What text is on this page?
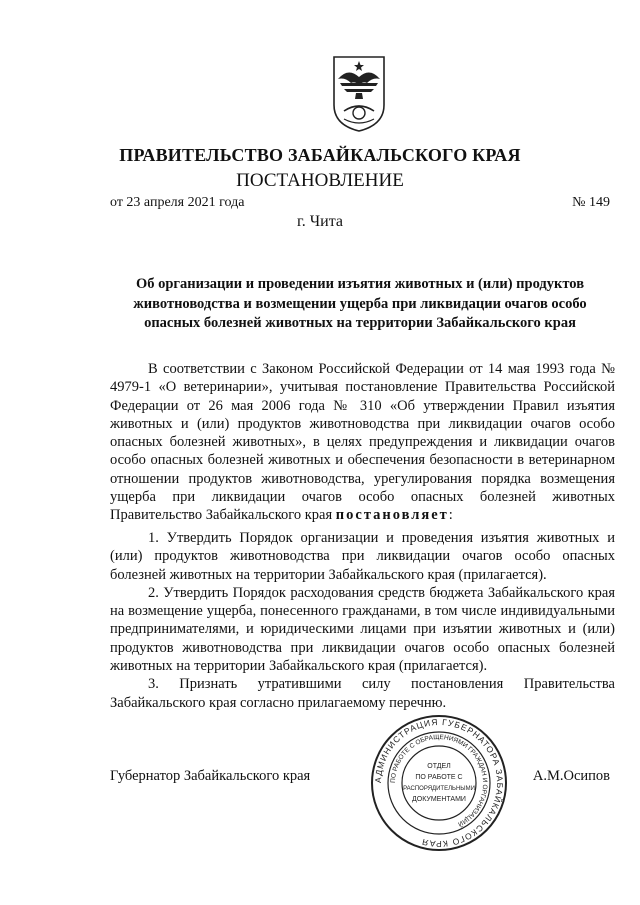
ПРАВИТЕЛЬСТВО ЗАБАЙКАЛЬСКОГО КРАЯ
ПОСТАНОВЛЕНИЕ
от 23 апреля 2021 года	№ 149
г. Чита
Об организации и проведении изъятия животных и (или) продуктов животноводства и возмещении ущерба при ликвидации очагов особо опасных болезней животных на территории Забайкальского края

В соответствии с Законом Российской Федерации от 14 мая 1993 года № 4979-1 «О ветеринарии», учитывая постановление Правительства Российской Федерации от 26 мая 2006 года № 310 «Об утверждении Правил изъятия животных и (или) продуктов животноводства при ликвидации очагов особо опасных болезней животных», в целях предупреждения и ликвидации очагов особо опасных болезней животных и обеспечения безопасности в ветеринарном отношении продуктов животноводства, урегулирования порядка возмещения ущерба при ликвидации очагов особо опасных болезней животных Правительство Забайкальского края постановляет:

1. Утвердить Порядок организации и проведения изъятия животных и (или) продуктов животноводства при ликвидации очагов особо опасных болезней животных на территории Забайкальского края (прилагается).

2. Утвердить Порядок расходования средств бюджета Забайкальского края на возмещение ущерба, понесенного гражданами, в том числе индивидуальными предпринимателями, и юридическими лицами при изъятии животных и (или) продуктов животноводства при ликвидации очагов особо опасных болезней животных на территории Забайкальского края (прилагается).

3. Признать утратившими силу постановления Правительства Забайкальского края согласно прилагаемому перечню.

Губернатор Забайкальского края	А.М.Осипов
АДМИНИСТРАЦИЯ ГУБЕРНАТОРА ЗАБАЙКАЛЬСКОГО КРАЯ
ПО РАБОТЕ С ОБРАЩЕНИЯМИ ГРАЖДАН И ОРГАНИЗАЦИЙ
ОТДЕЛ
ПО РАБОТЕ С
РАСПОРЯДИТЕЛЬНЫМИ
ДОКУМЕНТАМИ
